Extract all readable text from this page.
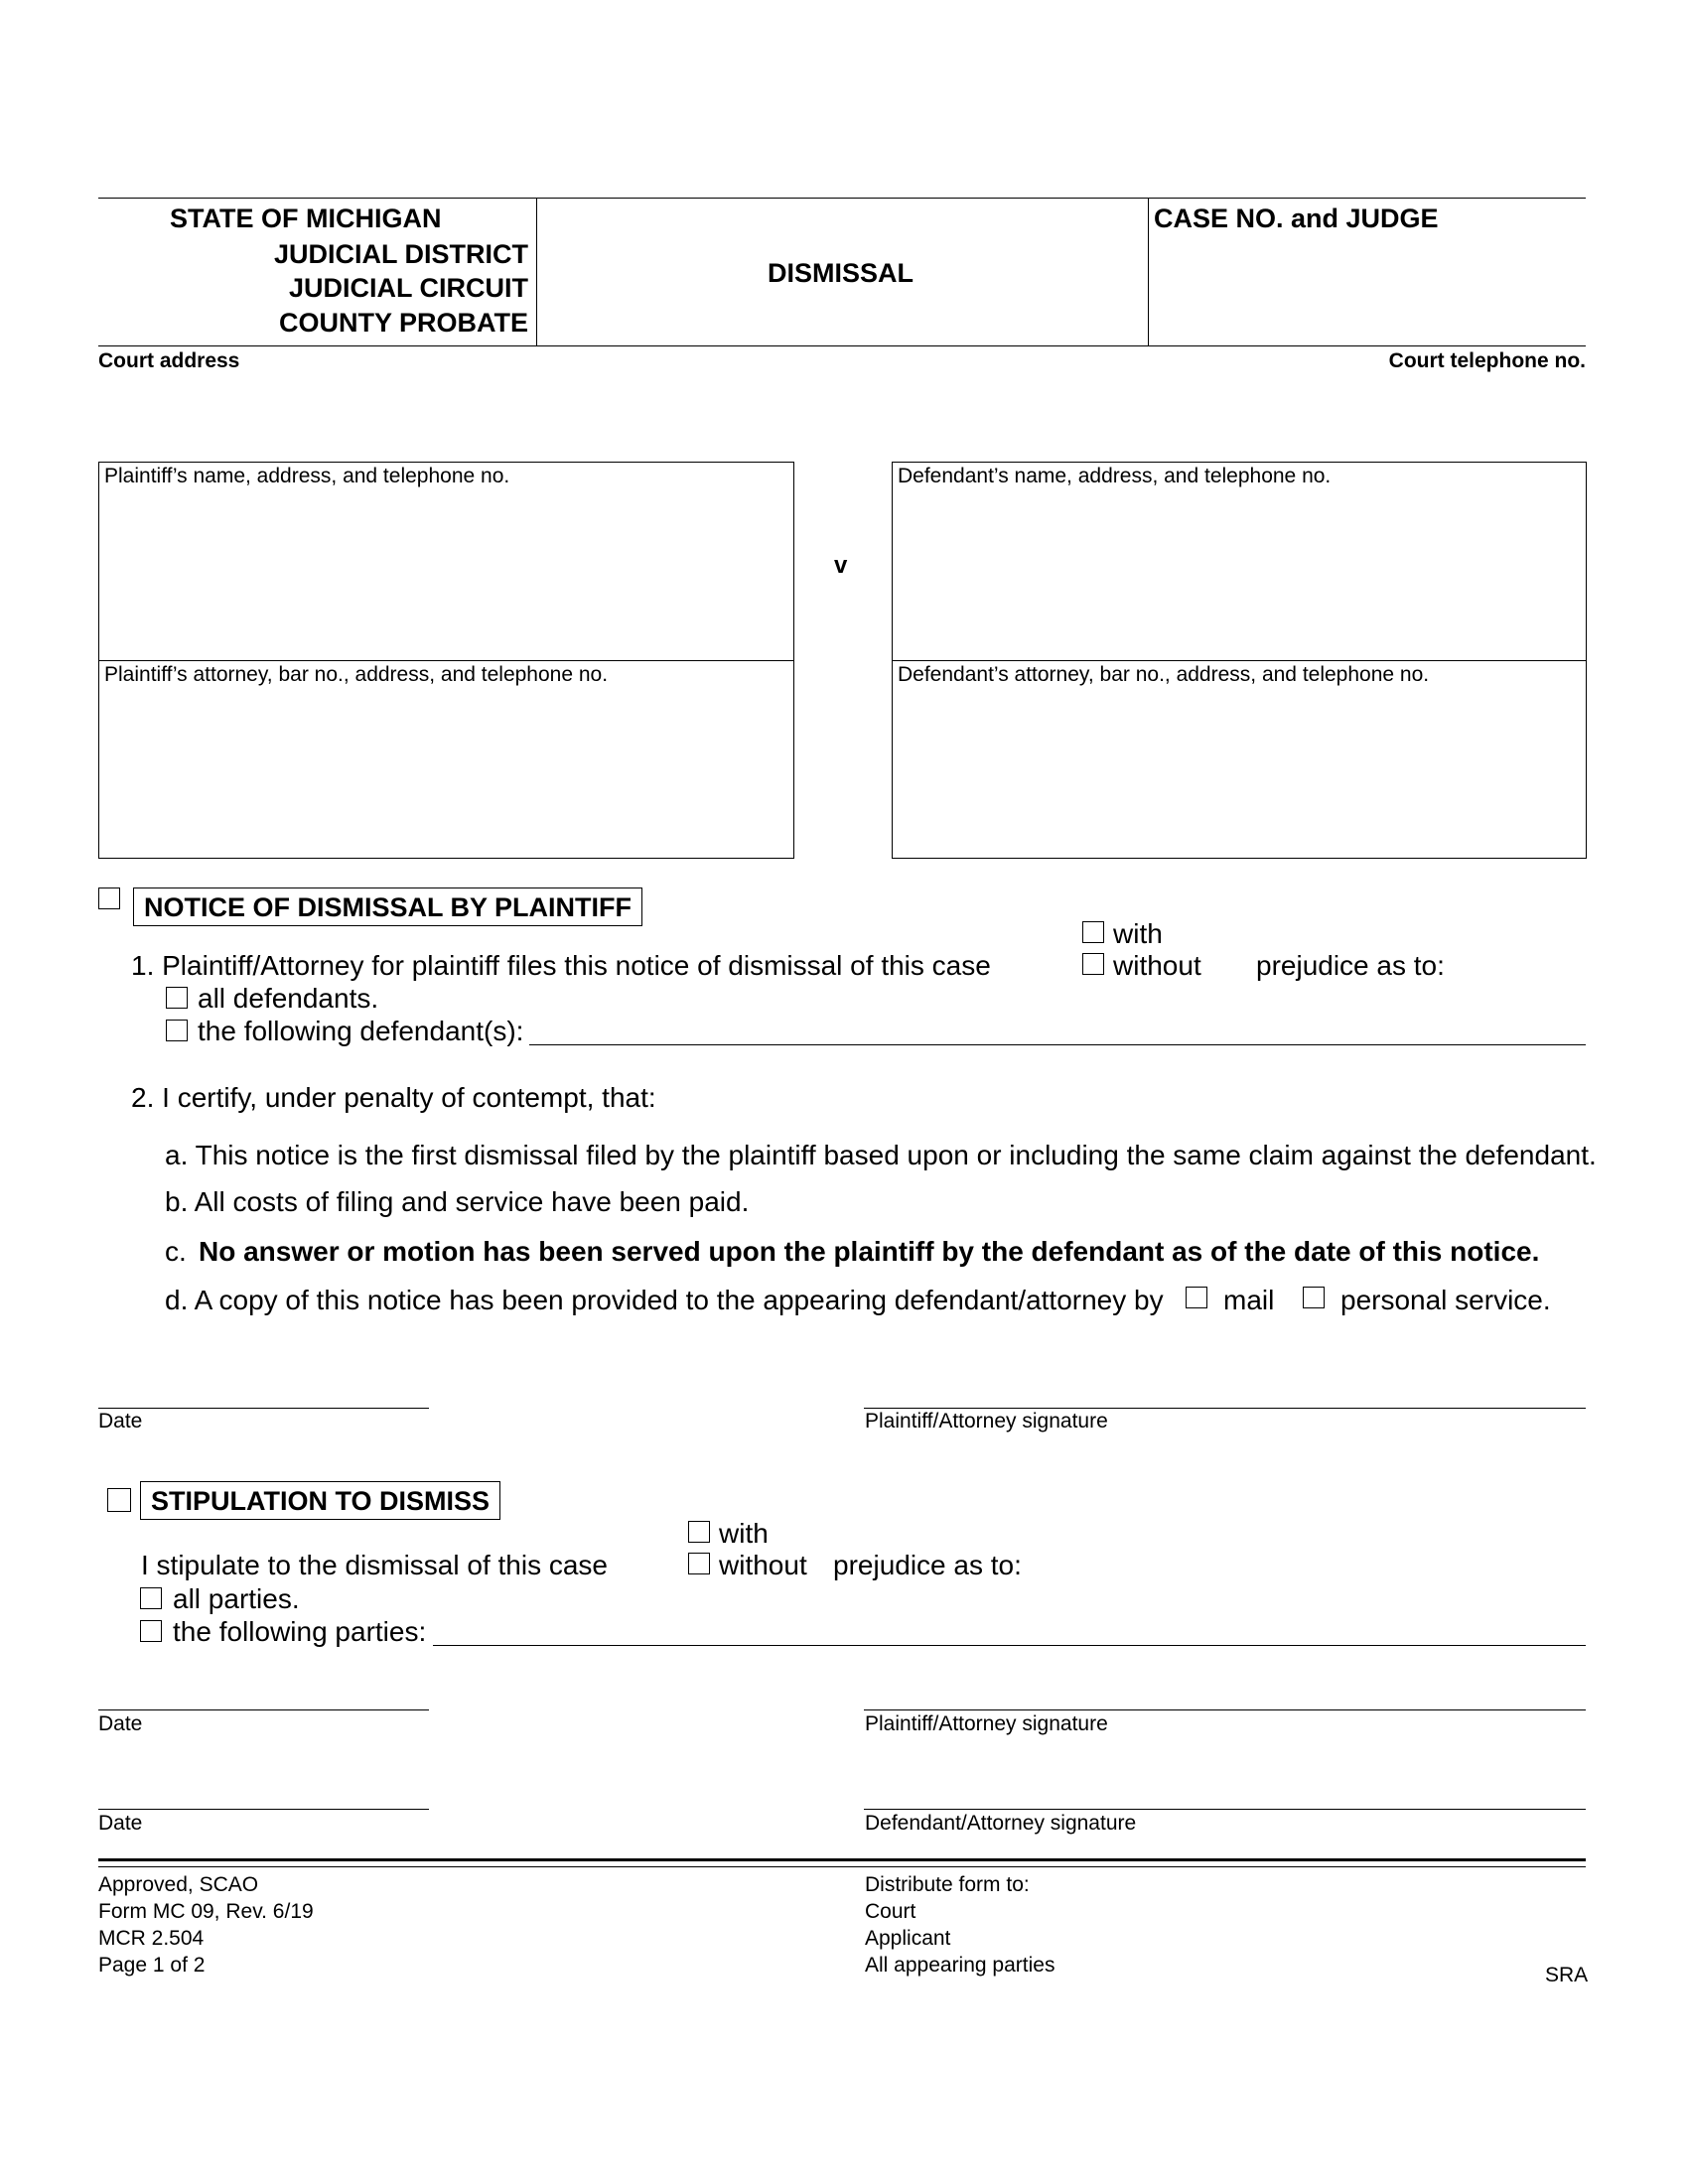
STATE OF MICHIGAN
JUDICIAL DISTRICT
JUDICIAL CIRCUIT
COUNTY PROBATE
DISMISSAL
CASE NO. and JUDGE
Court address	Court telephone no.
Plaintiff’s name, address, and telephone no.
Plaintiff’s attorney, bar no., address, and telephone no.
v
Defendant’s name, address, and telephone no.
Defendant’s attorney, bar no., address, and telephone no.
NOTICE OF DISMISSAL BY PLAINTIFF
with
without prejudice as to:
1. Plaintiff/Attorney for plaintiff files this notice of dismissal of this case
all defendants.
the following defendant(s):
2. I certify, under penalty of contempt, that:
a. This notice is the first dismissal filed by the plaintiff based upon or including the same claim against the defendant.
b. All costs of filing and service have been paid.
c. No answer or motion has been served upon the plaintiff by the defendant as of the date of this notice.
d. A copy of this notice has been provided to the appearing defendant/attorney by mail personal service.
Date	Plaintiff/Attorney signature
STIPULATION TO DISMISS
with
without prejudice as to:
I stipulate to the dismissal of this case
all parties.
the following parties:
Date	Plaintiff/Attorney signature
Date	Defendant/Attorney signature
Approved, SCAO
Form MC 09, Rev. 6/19
MCR 2.504
Page 1 of 2
Distribute form to:
Court
Applicant
All appearing parties	SRA
